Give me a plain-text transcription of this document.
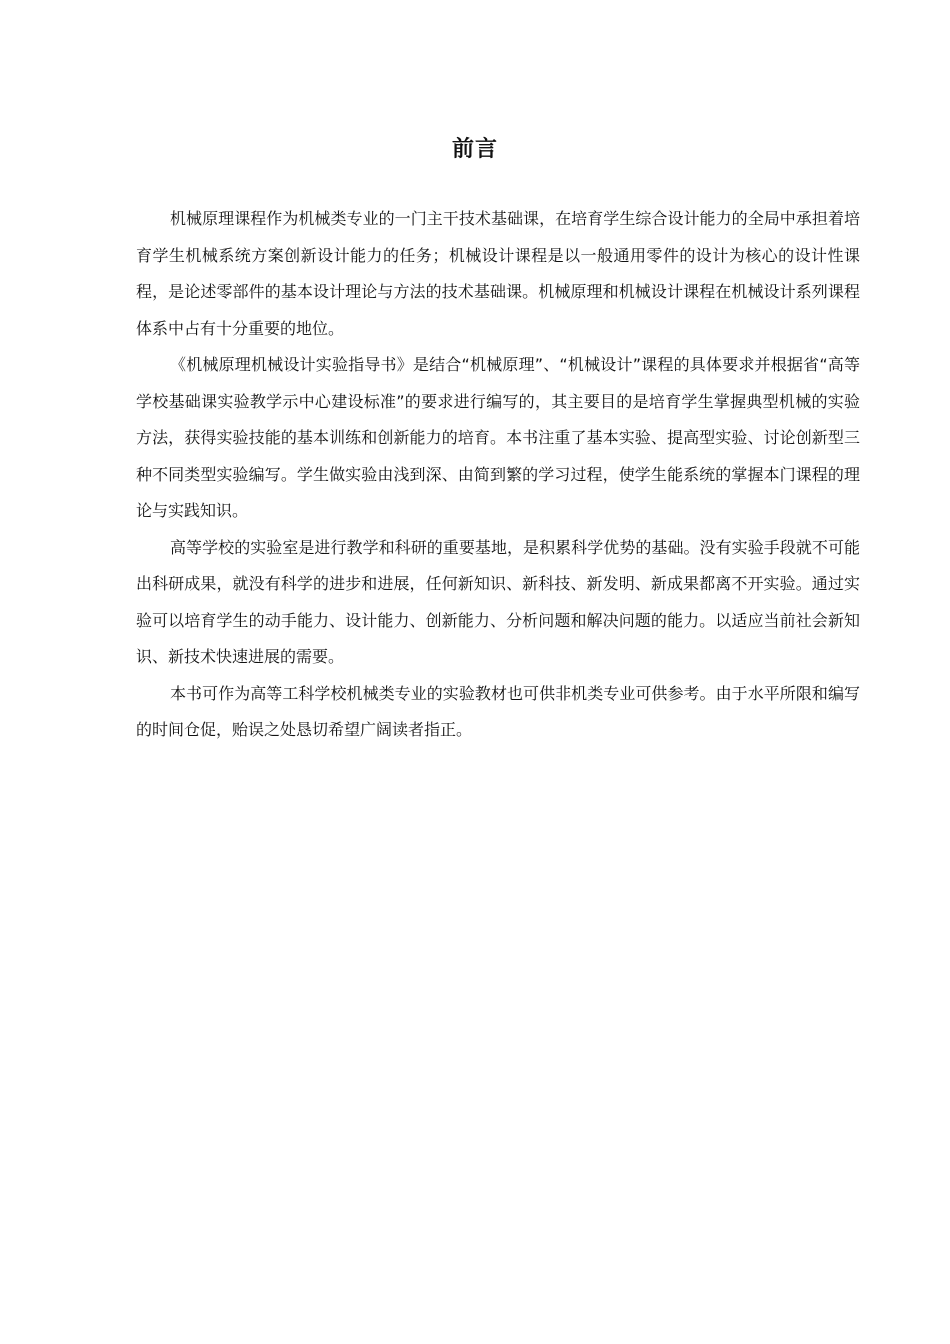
前言

机械原理课程作为机械类专业的一门主干技术基础课，在培育学生综合设计能力的全局中承担着培育学生机械系统方案创新设计能力的任务；机械设计课程是以一般通用零件的设计为核心的设计性课程，是论述零部件的基本设计理论与方法的技术基础课。机械原理和机械设计课程在机械设计系列课程体系中占有十分重要的地位。

《机械原理机械设计实验指导书》是结合“机械原理”、“机械设计”课程的具体要求并根据省“高等学校基础课实验教学示中心建设标准”的要求进行编写的，其主要目的是培育学生掌握典型机械的实验方法，获得实验技能的基本训练和创新能力的培育。本书注重了基本实验、提高型实验、讨论创新型三种不同类型实验编写。学生做实验由浅到深、由简到繁的学习过程，使学生能系统的掌握本门课程的理论与实践知识。

高等学校的实验室是进行教学和科研的重要基地，是积累科学优势的基础。没有实验手段就不可能出科研成果，就没有科学的进步和进展，任何新知识、新科技、新发明、新成果都离不开实验。通过实验可以培育学生的动手能力、设计能力、创新能力、分析问题和解决问题的能力。以适应当前社会新知识、新技术快速进展的需要。

本书可作为高等工科学校机械类专业的实验教材也可供非机类专业可供参考。由于水平所限和编写的时间仓促，贻误之处恳切希望广阔读者指正。
